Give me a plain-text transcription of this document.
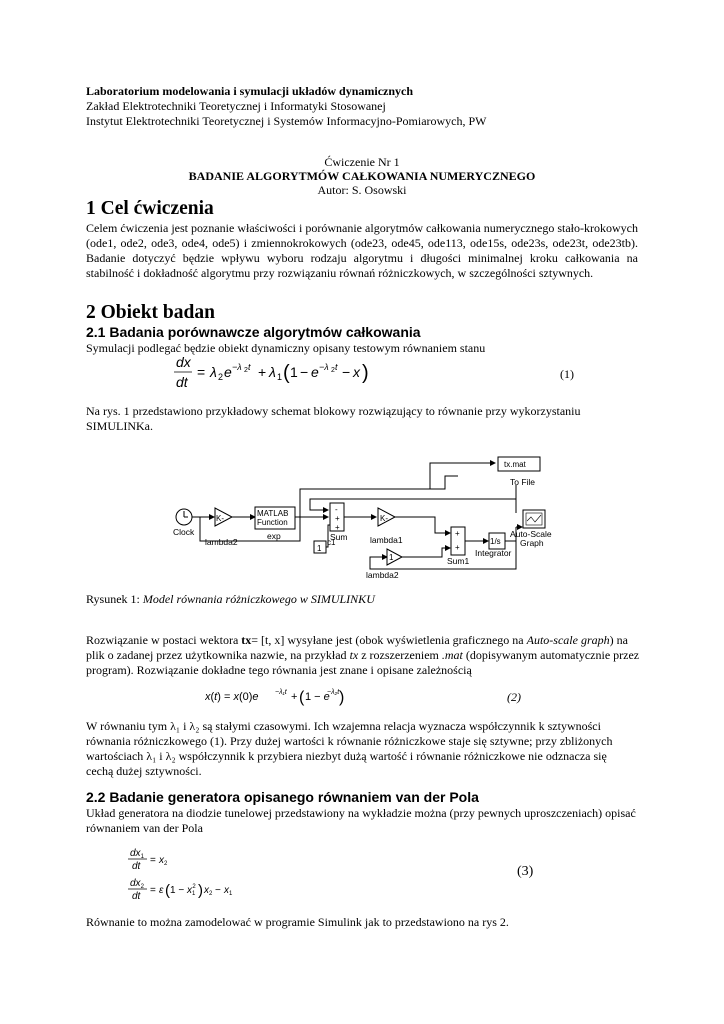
Laboratorium modelowania i symulacji układów dynamicznych
Zakład Elektrotechniki Teoretycznej i Informatyki Stosowanej
Instytut Elektrotechniki Teoretycznej i Systemów Informacyjno-Pomiarowych, PW
Ćwiczenie Nr 1
BADANIE ALGORYTMÓW CAŁKOWANIA NUMERYCZNEGO
Autor: S. Osowski
1 Cel ćwiczenia
Celem ćwiczenia jest poznanie właściwości i porównanie algorytmów całkowania numerycznego stało-krokowych (ode1, ode2, ode3, ode4, ode5) i zmiennokrokowych (ode23, ode45, ode113, ode15s, ode23s, ode23t, ode23tb). Badanie dotyczyć będzie wpływu wyboru rodzaju algorytmu i długości minimalnej kroku całkowania na stabilność i dokładność algorytmu przy rozwiązaniu równań różniczkowych, w szczególności sztywnych.
2 Obiekt badan
2.1 Badania porównawcze algorytmów całkowania
Symulacji podlegać będzie obiekt dynamiczny opisany testowym równaniem stanu
dx
dt
= λ 2 e −λ 2 t + λ 1 ( 1 − e −λ 2 t − x )	(1)
Na rys. 1 przedstawiono przykładowy schemat blokowy rozwiązujący to równanie przy wykorzystaniu SIMULINKa.
Clock
K-
lambda2
MATLAB
Function
exp
-
+
+
Sum
1
c1
K-
lambda1
1
lambda2
+
+
Sum1
1/s
Integrator
tx.mat
To File
Auto-Scale
Graph
Rysunek 1: Model równania różniczkowego w SIMULINKU
Rozwiązanie w postaci wektora tx= [t, x] wysyłane jest (obok wyświetlenia graficznego na Auto-scale graph) na plik o zadanej przez użytkownika nazwie, na przykład tx z rozszerzeniem .mat (dopisywanym automatycznie przez program). Rozwiązanie dokładne tego równania jest znane i opisane zależnością
x(t) = x(0)e −λ₁t + ( 1 − e
−λ₂t )	(2)
W równaniu tym λ₁ i λ₂ są stałymi czasowymi. Ich wzajemna relacja wyznacza współczynnik k sztywności
równania różniczkowego (1). Przy dużej wartości k równanie różniczkowe staje się sztywne; przy zbliżonych
wartościach λ₁ i λ₂ współczynnik k przybiera niezbyt dużą wartość i równanie różniczkowe nie odznacza się
cechą dużej sztywności.
2.2 Badanie generatora opisanego równaniem van der Pola
Układ generatora na diodzie tunelowej przedstawiony na wykładzie można (przy pewnych uproszczeniach) opisać równaniem van der Pola
$dx_1$
dt
= $x_2$
$dx_2$
dt
= ε ( $1 - x_12$ ) $x_2 - x_1$
(3)
Równanie to można zamodelować w programie Simulink jak to przedstawiono na rys 2.
